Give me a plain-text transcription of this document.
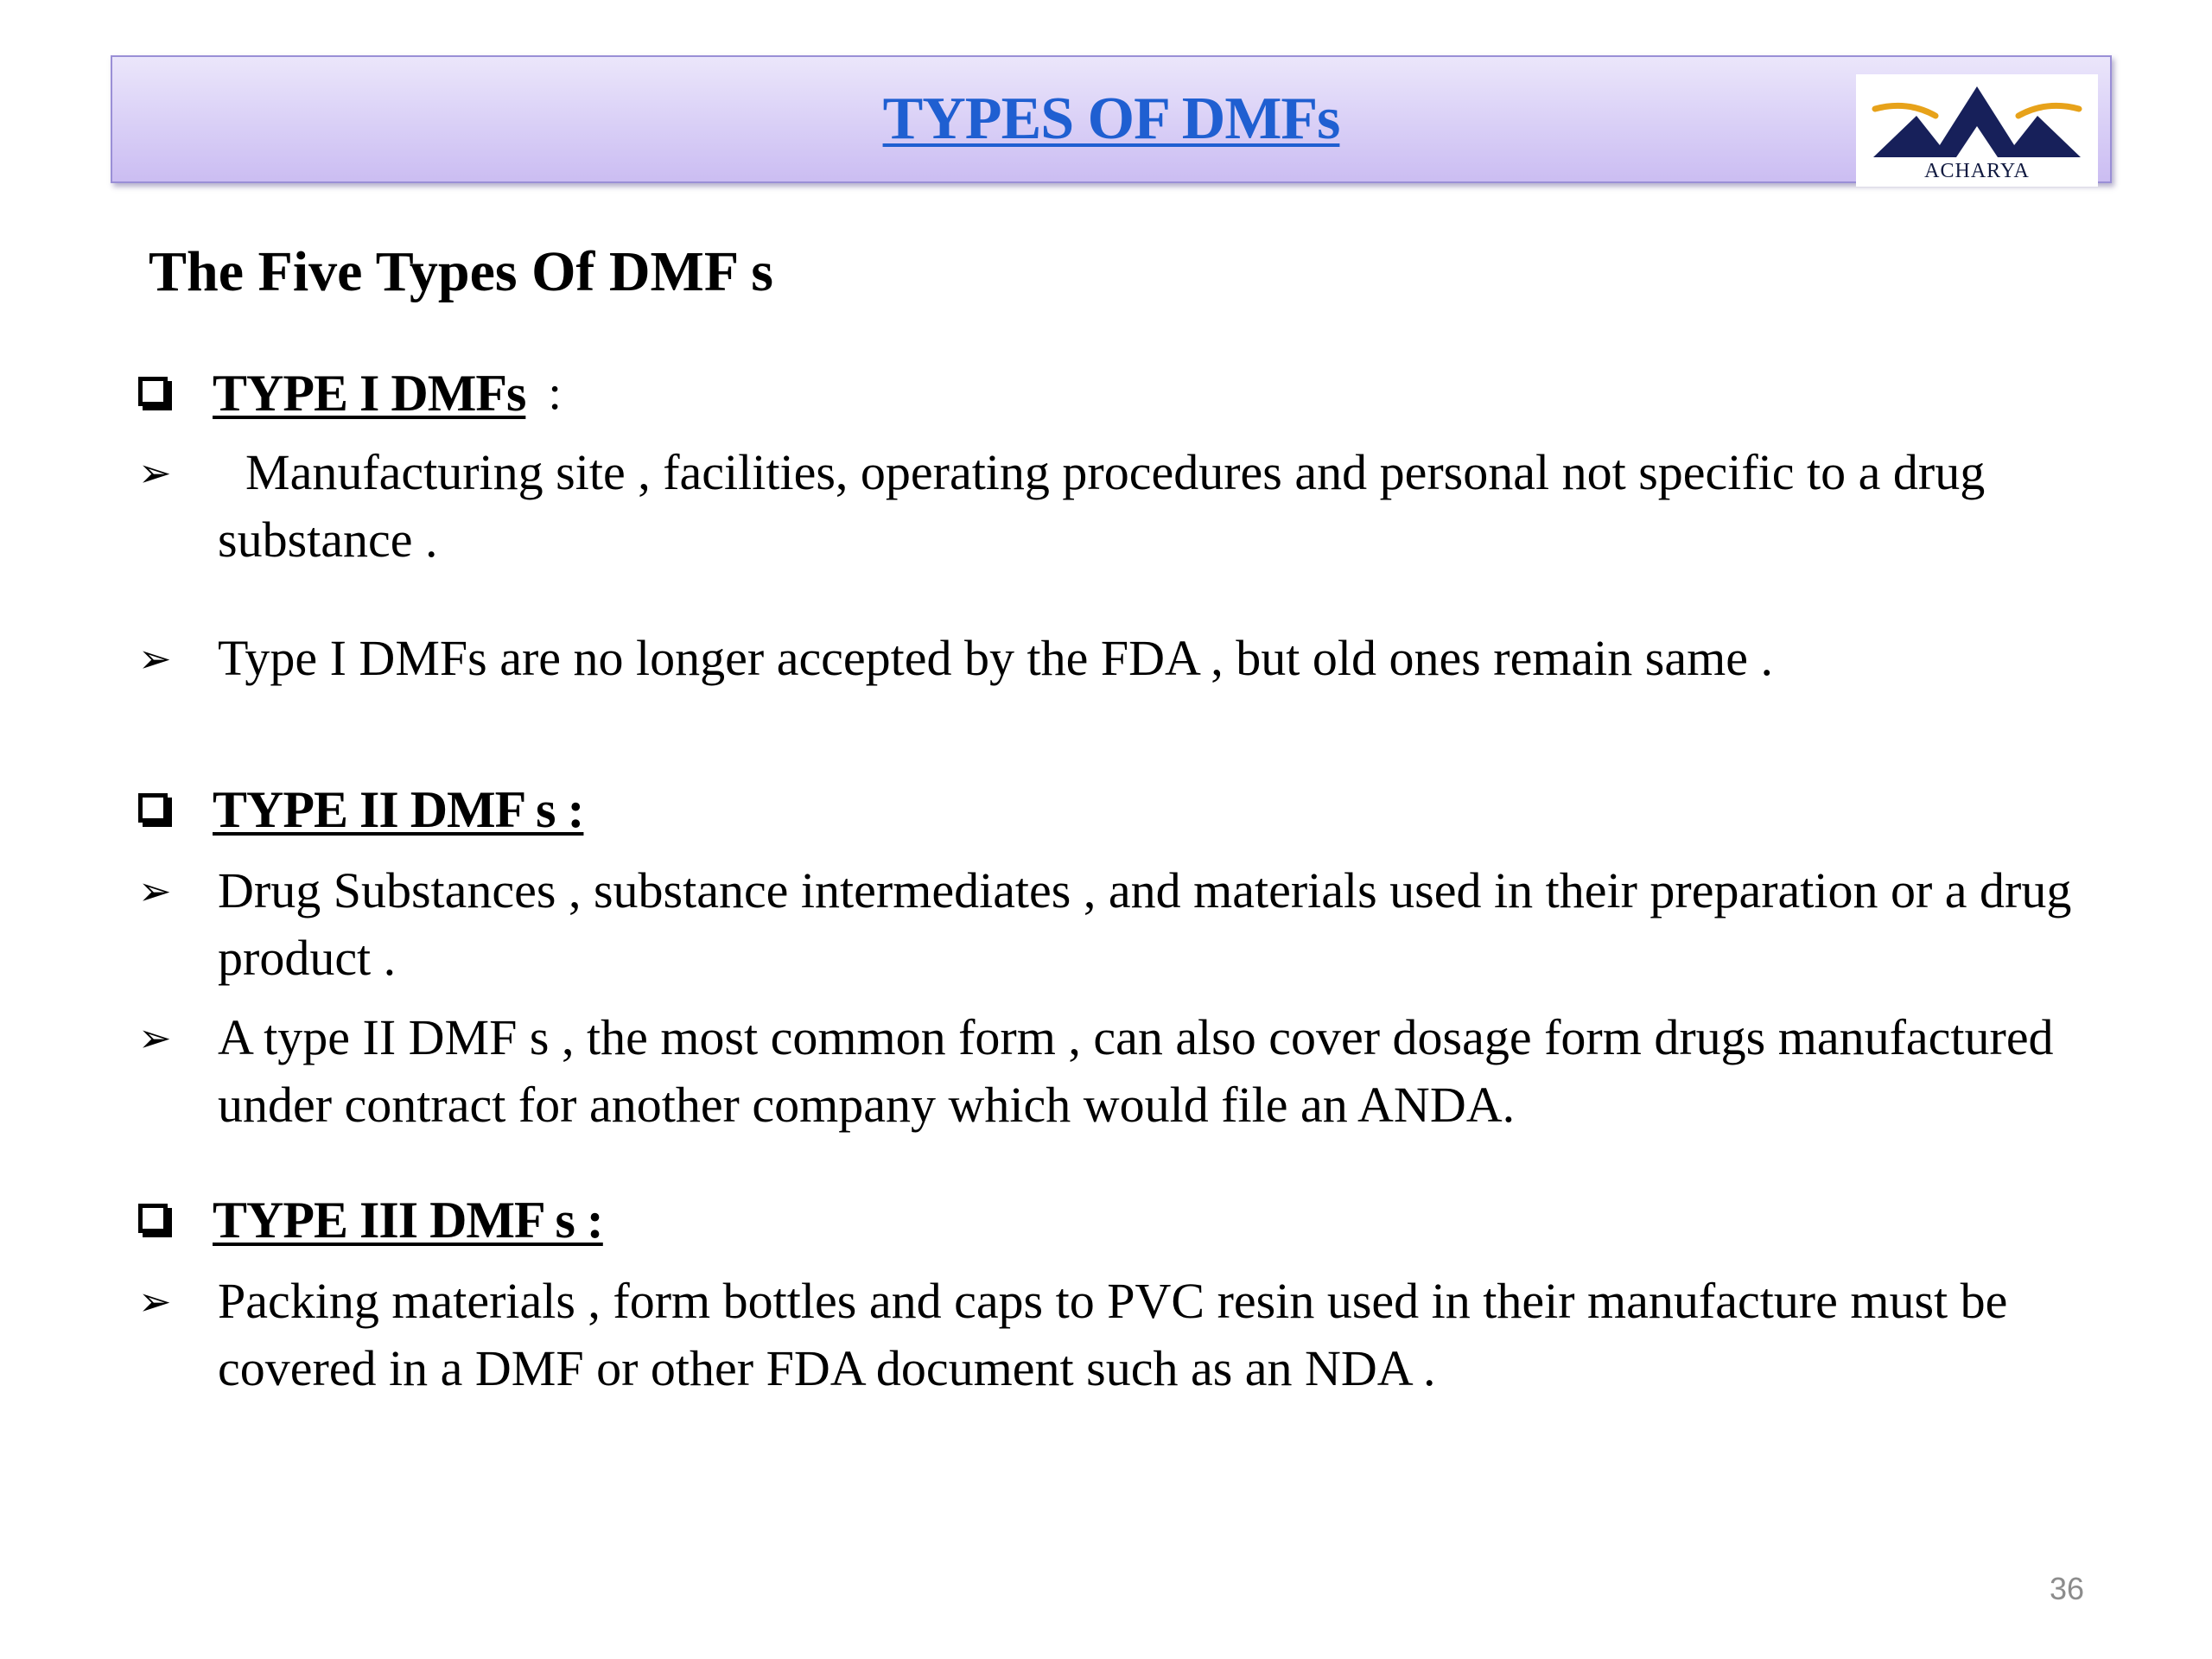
TYPES OF DMFs
ACHARYA
The Five Types Of DMF s
TYPE I DMFs :
➢	Manufacturing site , facilities, operating procedures and personal not specific to a drug substance .
➢ Type I DMFs are no longer accepted by the FDA , but old ones remain same .
TYPE II DMF s :
➢ Drug Substances , substance intermediates , and materials used in their preparation or a drug product .
➢ A type II DMF s , the most common form , can also cover dosage form drugs manufactured under contract for another company which would file an ANDA.
TYPE III DMF s :
➢ Packing materials , form bottles and caps to PVC resin used in their manufacture must be covered in a DMF or other FDA document such as an NDA .
36
